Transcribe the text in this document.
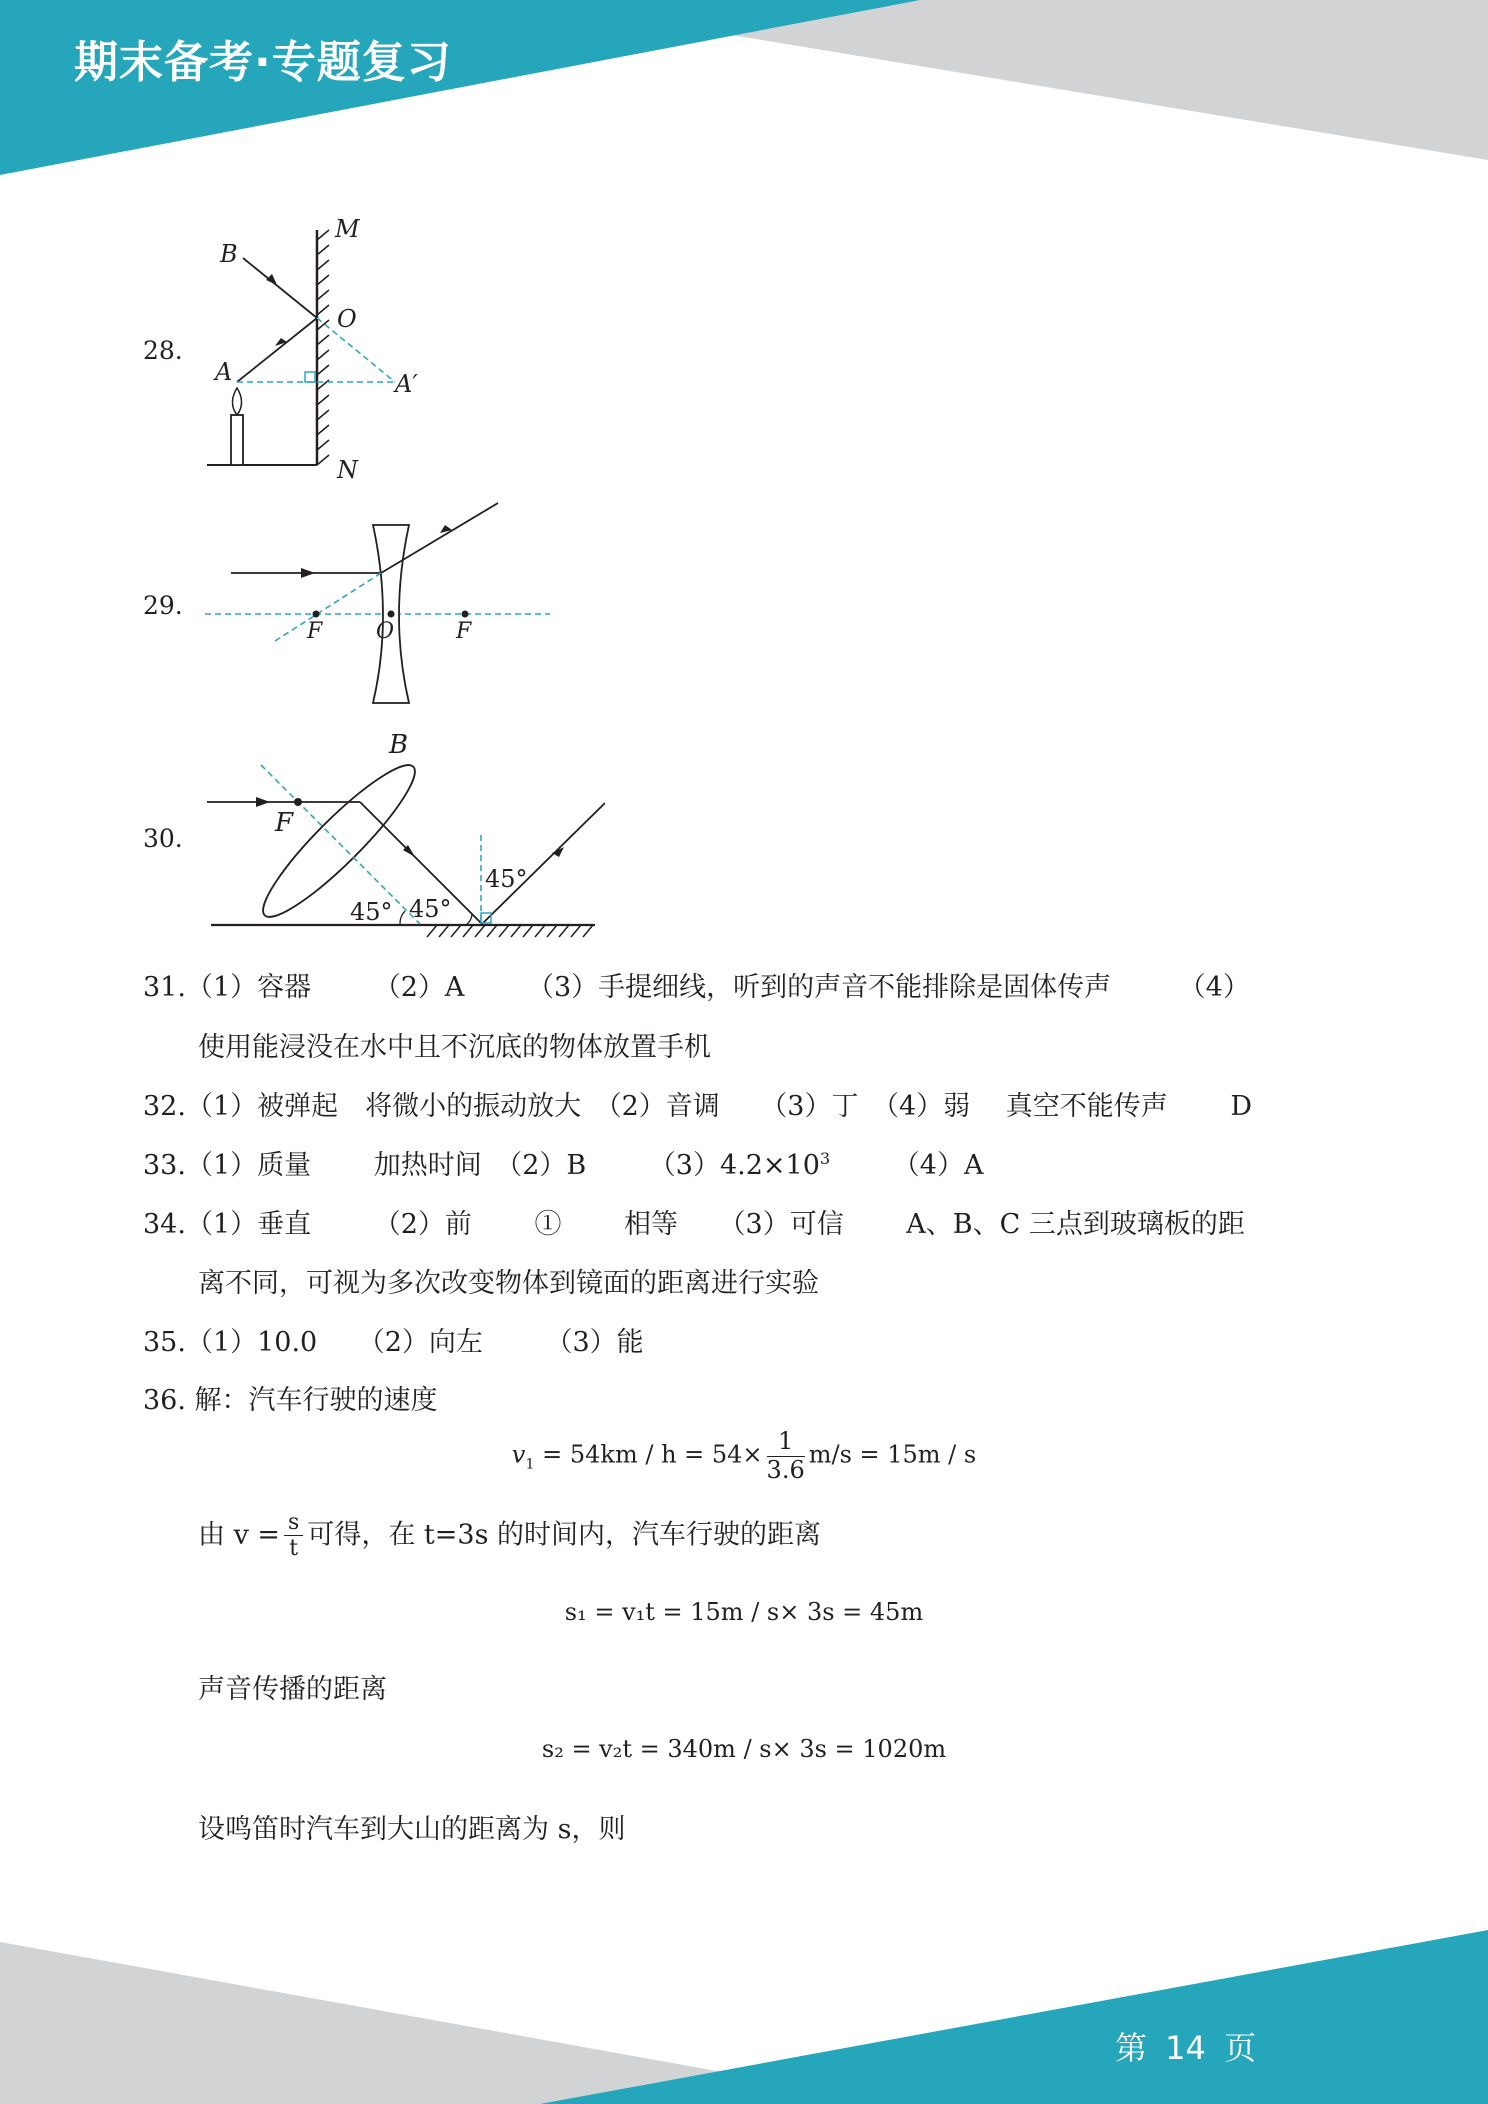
期末备考·专题复习
第 14 页
28.
M
N
B
O
A	A′
29.
F O	F
30.
B
F
45° 45°
45°
31.（1）容器　　 （2）A　　 （3）手提细线，听到的声音不能排除是固体传声　　　（4）
使用能浸没在水中且不沉底的物体放置手机
32.（1）被弹起　将微小的振动放大　（2）音调　　（3）丁　（4）弱　 真空不能传声　　 D
33.（1）质量　　 加热时间　（2）B　　 $(3)4.2\times 10^3$　　 （4）A
34.（1）垂直　　 （2）前　　 ①　　 相等　　（3）可信　　 A、B、C 三点到玻璃板的距
离不同，可视为多次改变物体到镜面的距离进行实验
35.（1）10.0　　（2）向左　　 （3）能
36. 解：汽车行驶的速度
$v_1 = 54km / h = 54\times \frac{1}{3.6} m/s = 15m / s$
由 $v = \frac{s}{t}$ 可得，在 t=3s 的时间内，汽车行驶的距离
s₁ = v₁t = 15m / s× 3s = 45m
声音传播的距离
s₂ = v₂t = 340m / s× 3s = 1020m
设鸣笛时汽车到大山的距离为 s，则
